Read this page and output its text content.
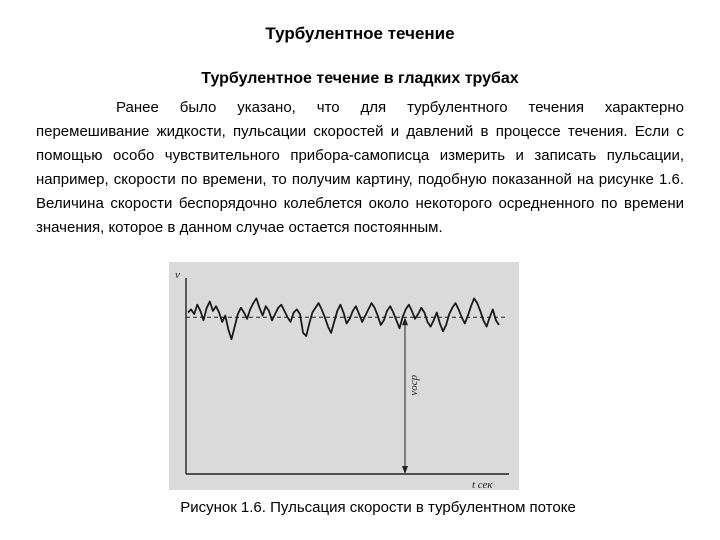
Турбулентное течение
Турбулентное течение в гладких трубах

Ранее было указано, что для турбулентного течения характерно перемешивание жидкости, пульсации скоростей и давлений в процессе течения. Если с помощью особо чувствительного прибора-самописца измерить и записать пульсации, например, скорости по времени, то получим картину, подобную показанной на рисунке 1.6. Величина скорости беспорядочно колеблется около некоторого осредненного по времени значения, которое в данном случае остается постоянным.

v
t сек
vоср
Рисунок 1.6. Пульсация скорости в турбулентном потоке
